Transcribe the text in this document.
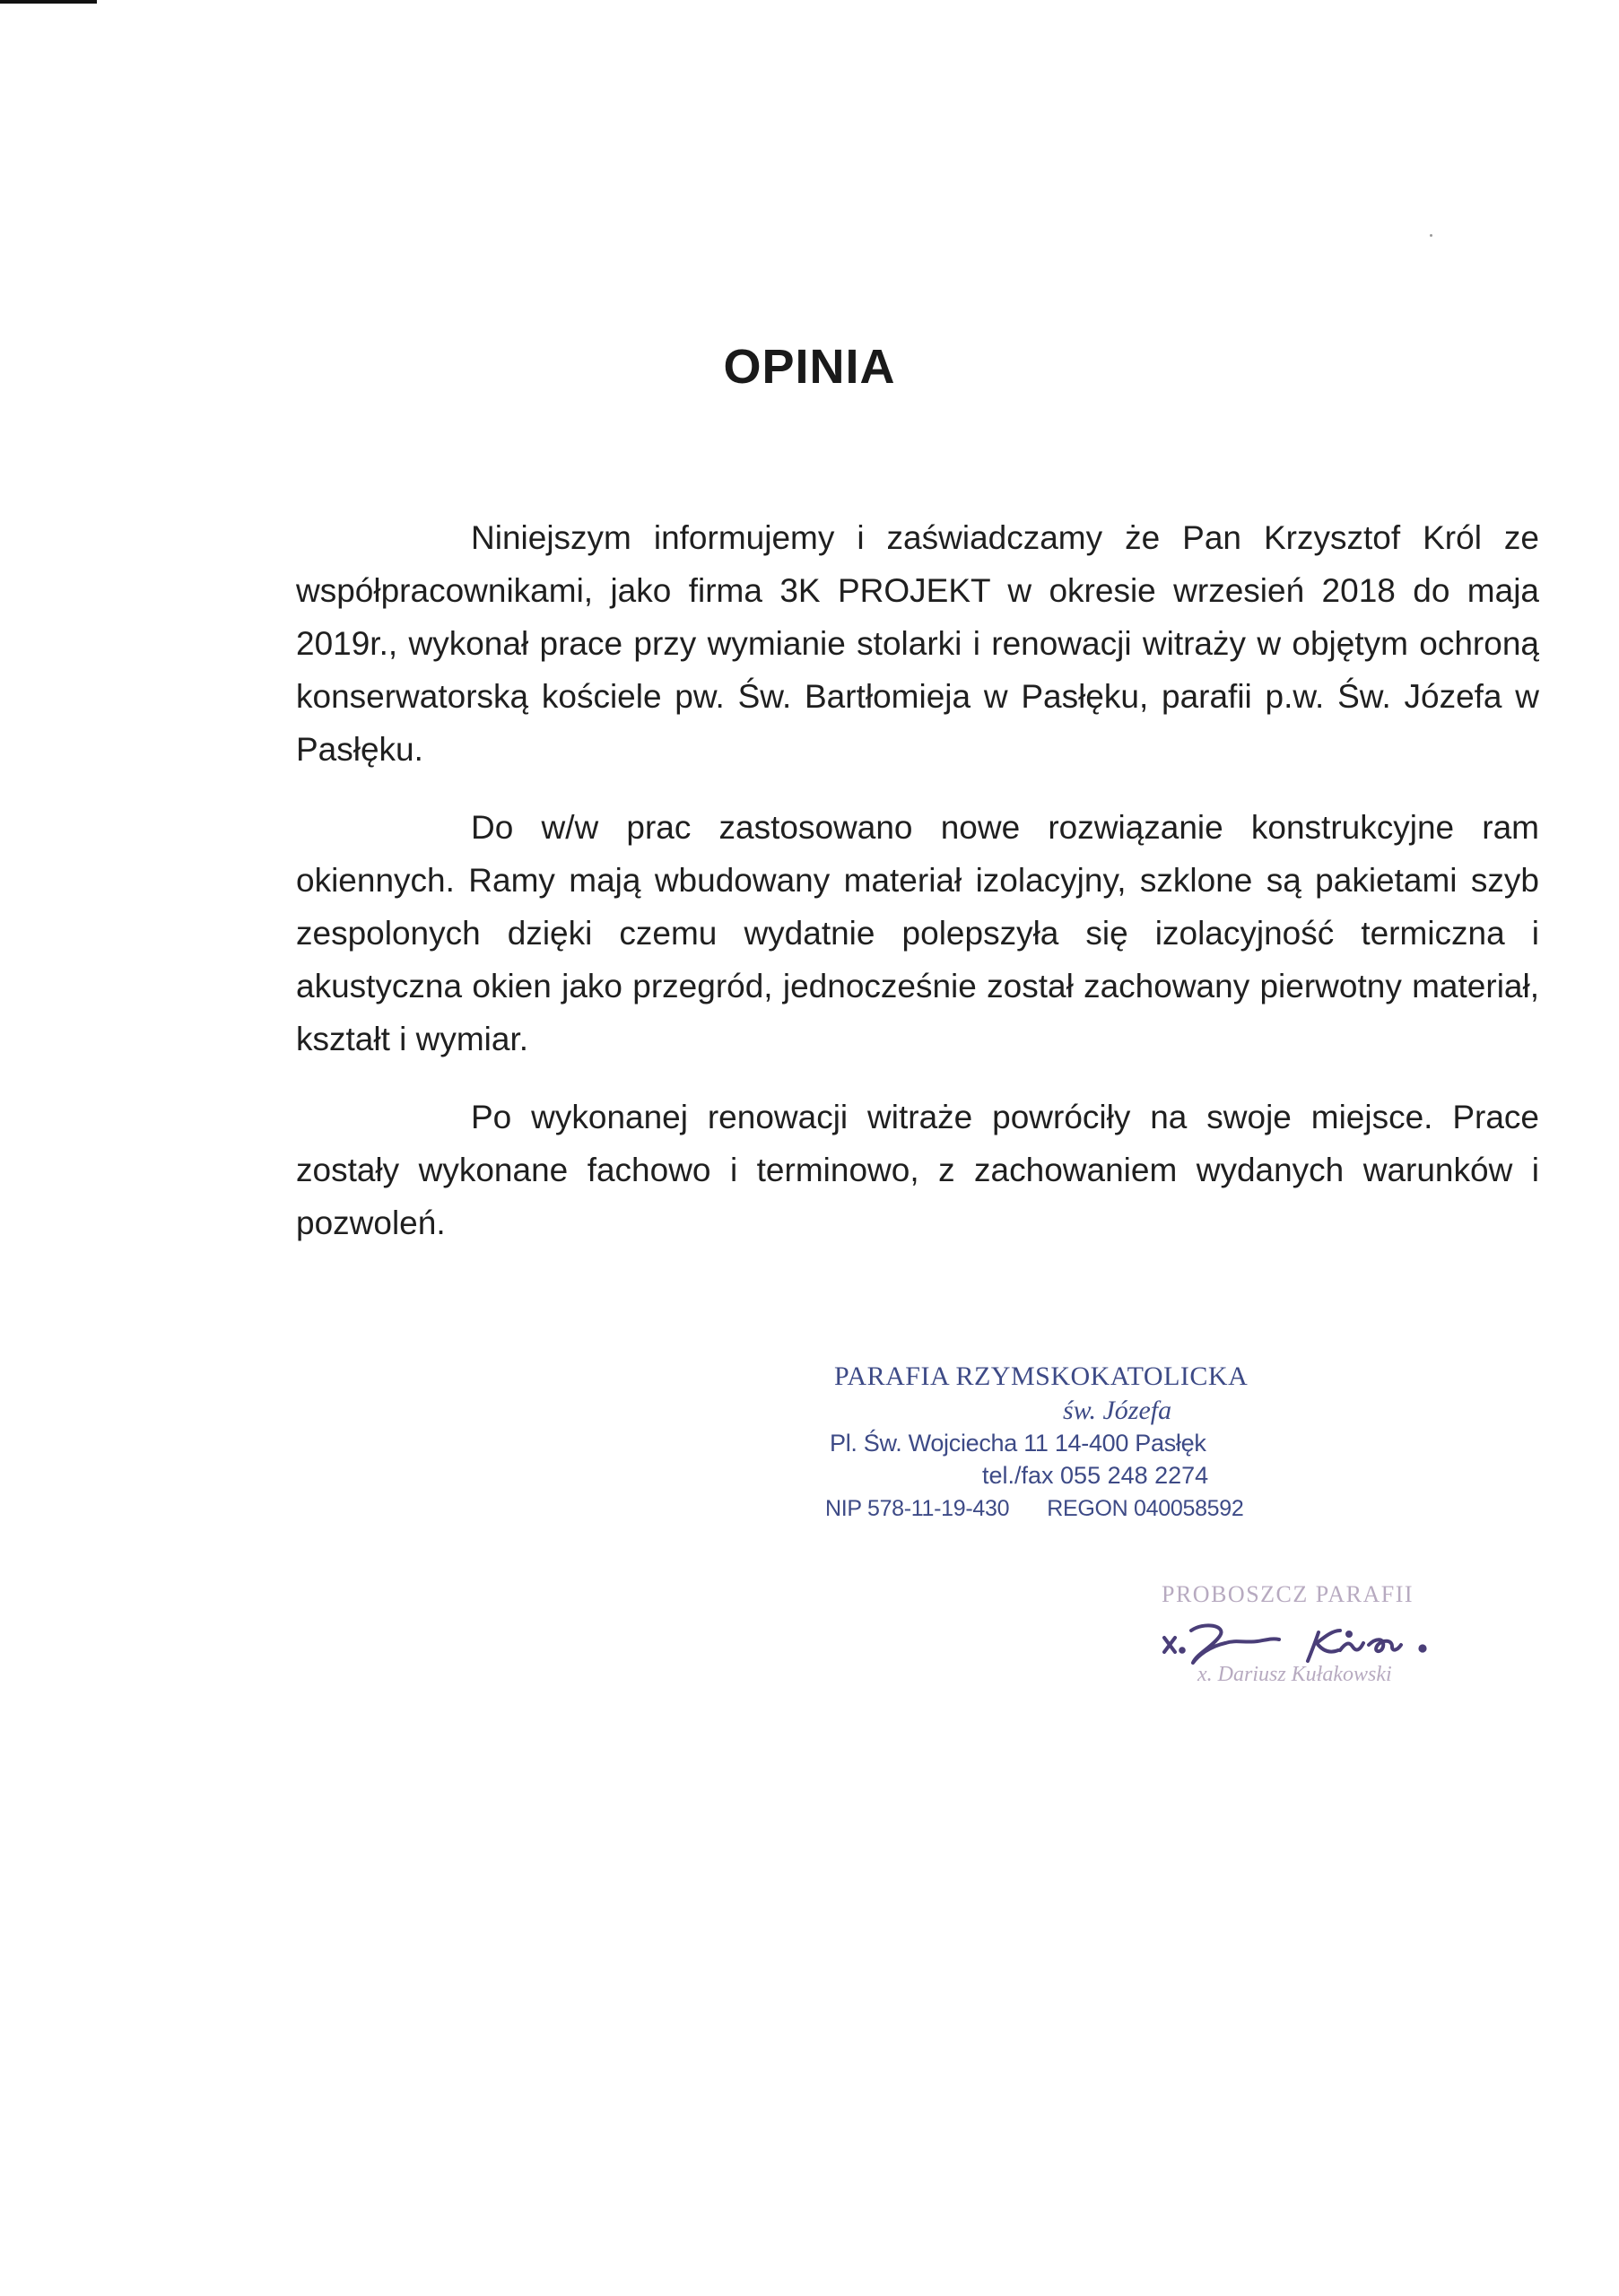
OPINIA

Niniejszym informujemy i zaświadczamy że Pan Krzysztof Król ze współpracownikami, jako firma 3K PROJEKT w okresie wrzesień 2018 do maja 2019r., wykonał prace przy wymianie stolarki i renowacji witraży w objętym ochroną konserwatorską kościele pw. Św. Bartłomieja w Pasłęku, parafii p.w. Św. Józefa w Pasłęku.

Do w/w prac zastosowano nowe rozwiązanie konstrukcyjne ram okiennych. Ramy mają wbudowany materiał izolacyjny, szklone są pakietami szyb zespolonych dzięki czemu wydatnie polepszyła się izolacyjność termiczna i akustyczna okien jako przegród, jednocześnie został zachowany pierwotny materiał, kształt i wymiar.

Po wykonanej renowacji witraże powróciły na swoje miejsce. Prace zostały wykonane fachowo i terminowo, z zachowaniem wydanych warunków i pozwoleń.

PARAFIA RZYMSKOKATOLICKA
św. Józefa
Pl. Św. Wojciecha 11 14-400 Pasłęk
tel./fax 055 248 2274
NIP 578-11-19-430 REGON 040058592
PROBOSZCZ PARAFII
x. Dariusz Kułakowski
